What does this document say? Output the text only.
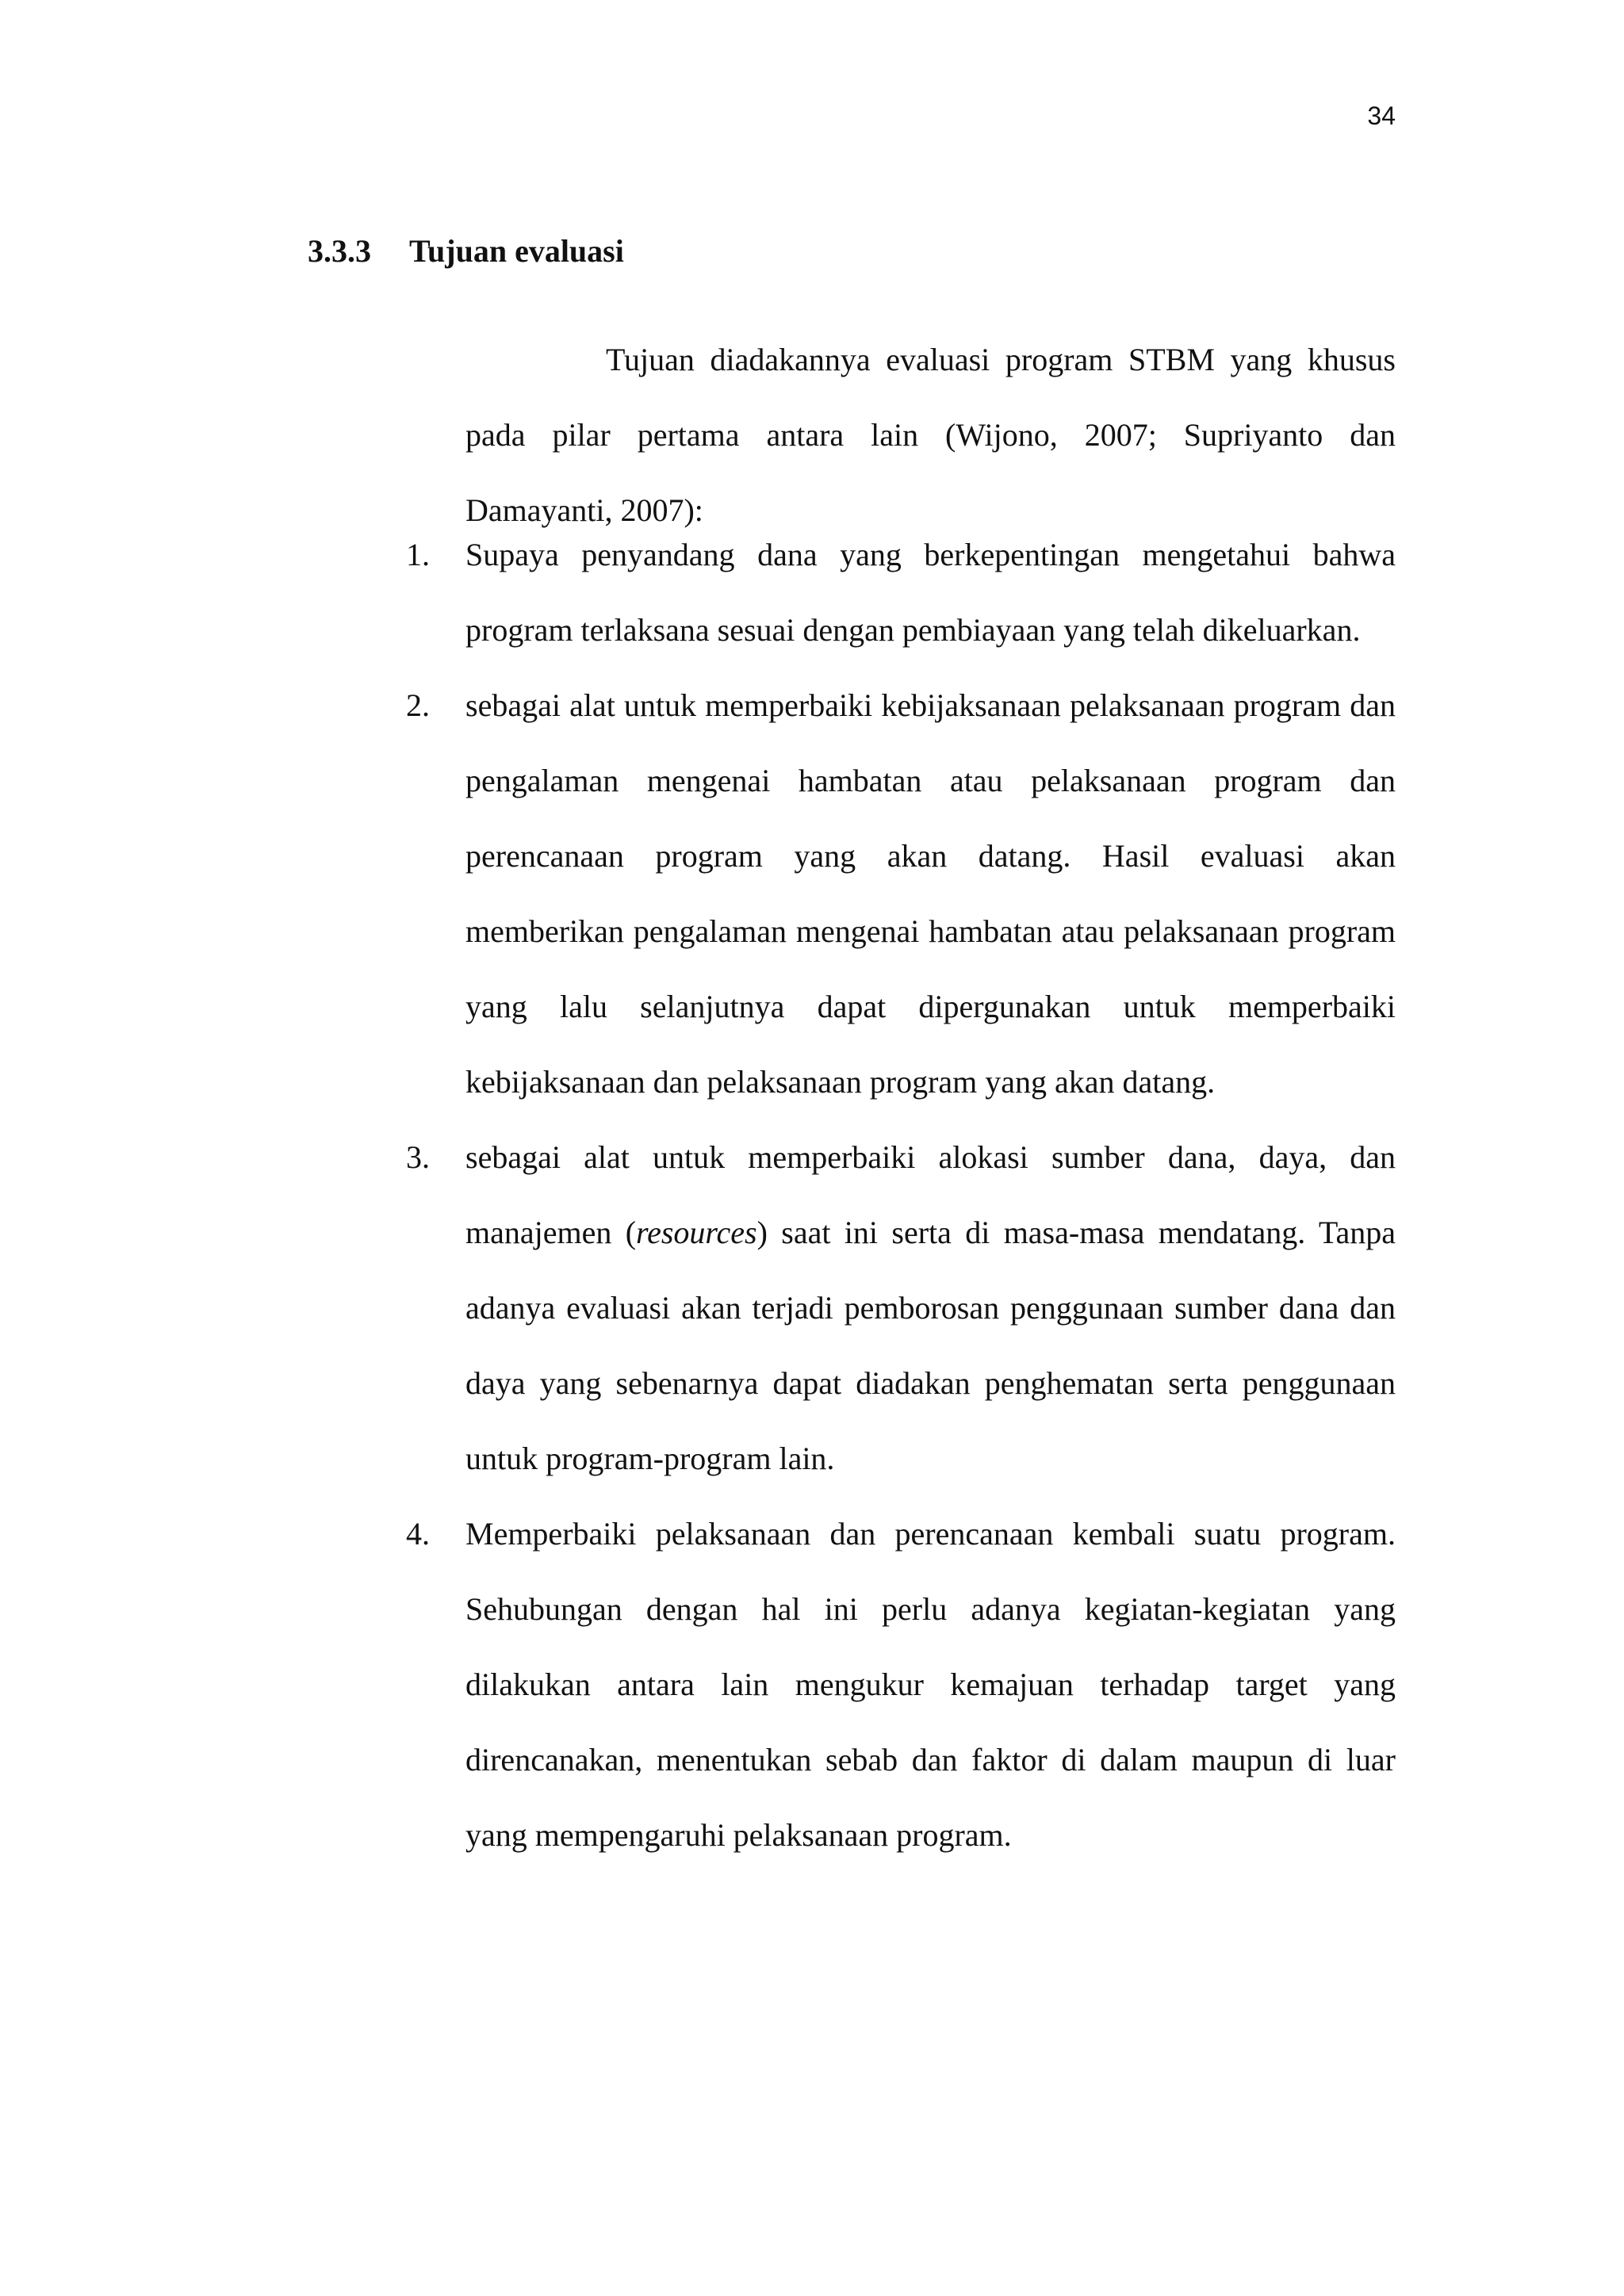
34
3.3.3 Tujuan evaluasi

Tujuan diadakannya evaluasi program STBM yang khusus pada pilar pertama antara lain (Wijono, 2007; Supriyanto dan Damayanti, 2007):

1.	Supaya penyandang dana yang berkepentingan mengetahui bahwa program terlaksana sesuai dengan pembiayaan yang telah dikeluarkan.
2.	sebagai alat untuk memperbaiki kebijaksanaan pelaksanaan program dan pengalaman mengenai hambatan atau pelaksanaan program dan perencanaan program yang akan datang. Hasil evaluasi akan memberikan pengalaman mengenai hambatan atau pelaksanaan program yang lalu selanjutnya dapat dipergunakan untuk memperbaiki kebijaksanaan dan pelaksanaan program yang akan datang.
3.	sebagai alat untuk memperbaiki alokasi sumber dana, daya, dan manajemen (resources) saat ini serta di masa-masa mendatang. Tanpa adanya evaluasi akan terjadi pemborosan penggunaan sumber dana dan daya yang sebenarnya dapat diadakan penghematan serta penggunaan untuk program-program lain.
4.	Memperbaiki pelaksanaan dan perencanaan kembali suatu program. Sehubungan dengan hal ini perlu adanya kegiatan-kegiatan yang dilakukan antara lain mengukur kemajuan terhadap target yang direncanakan, menentukan sebab dan faktor di dalam maupun di luar yang mempengaruhi pelaksanaan program.
